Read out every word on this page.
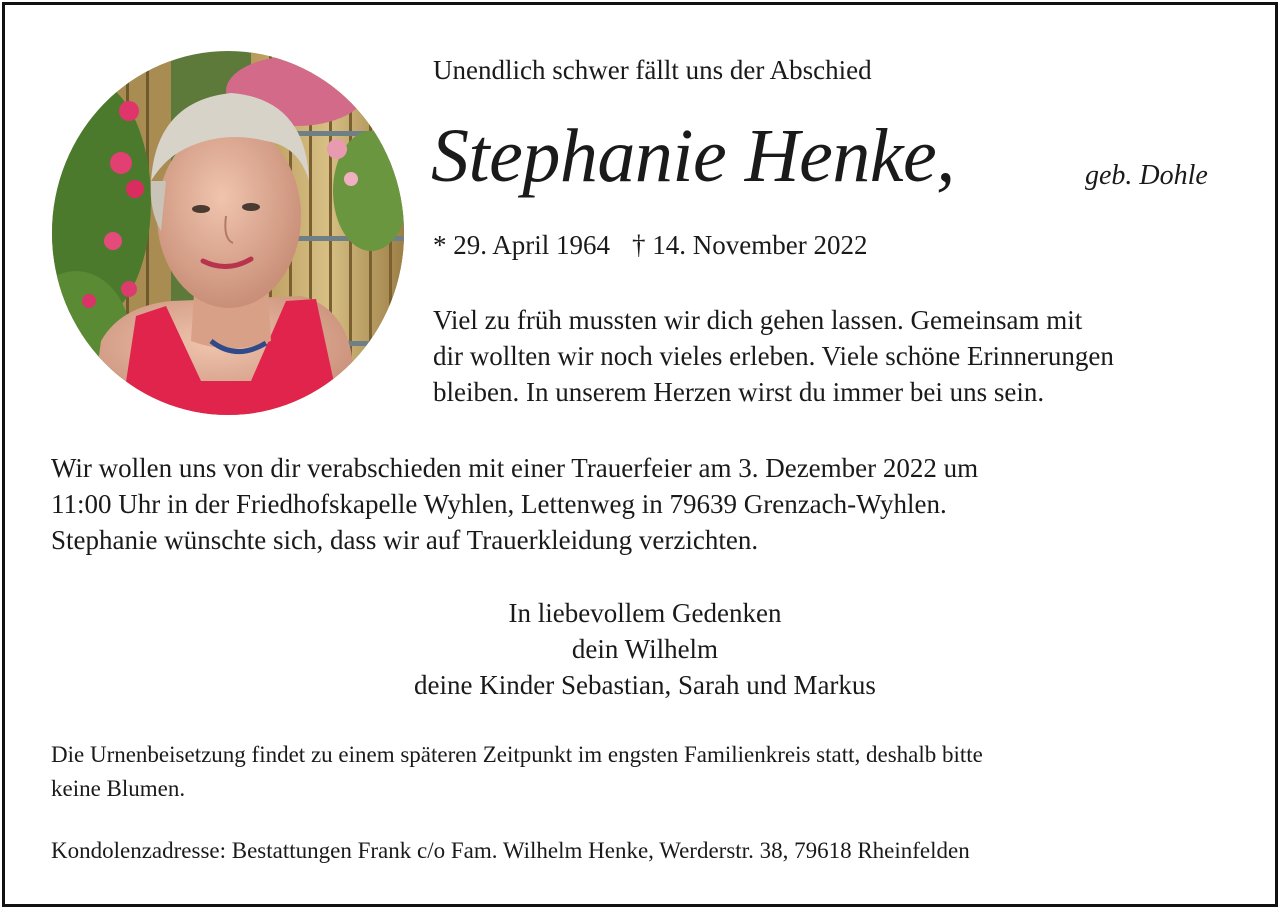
Unendlich schwer fällt uns der Abschied
Stephanie Henke,	geb. Dohle
* 29. April 1964 † 14. November 2022
Viel zu früh mussten wir dich gehen lassen. Gemeinsam mit
dir wollten wir noch vieles erleben. Viele schöne Erinnerungen
bleiben. In unserem Herzen wirst du immer bei uns sein.
Wir wollen uns von dir verabschieden mit einer Trauerfeier am 3. Dezember 2022 um
11:00 Uhr in der Friedhofskapelle Wyhlen, Lettenweg in 79639 Grenzach-Wyhlen.
Stephanie wünschte sich, dass wir auf Trauerkleidung verzichten.
In liebevollem Gedenken
dein Wilhelm
deine Kinder Sebastian, Sarah und Markus
Die Urnenbeisetzung findet zu einem späteren Zeitpunkt im engsten Familienkreis statt, deshalb bitte
keine Blumen.
Kondolenzadresse: Bestattungen Frank c/o Fam. Wilhelm Henke, Werderstr. 38, 79618 Rheinfelden
